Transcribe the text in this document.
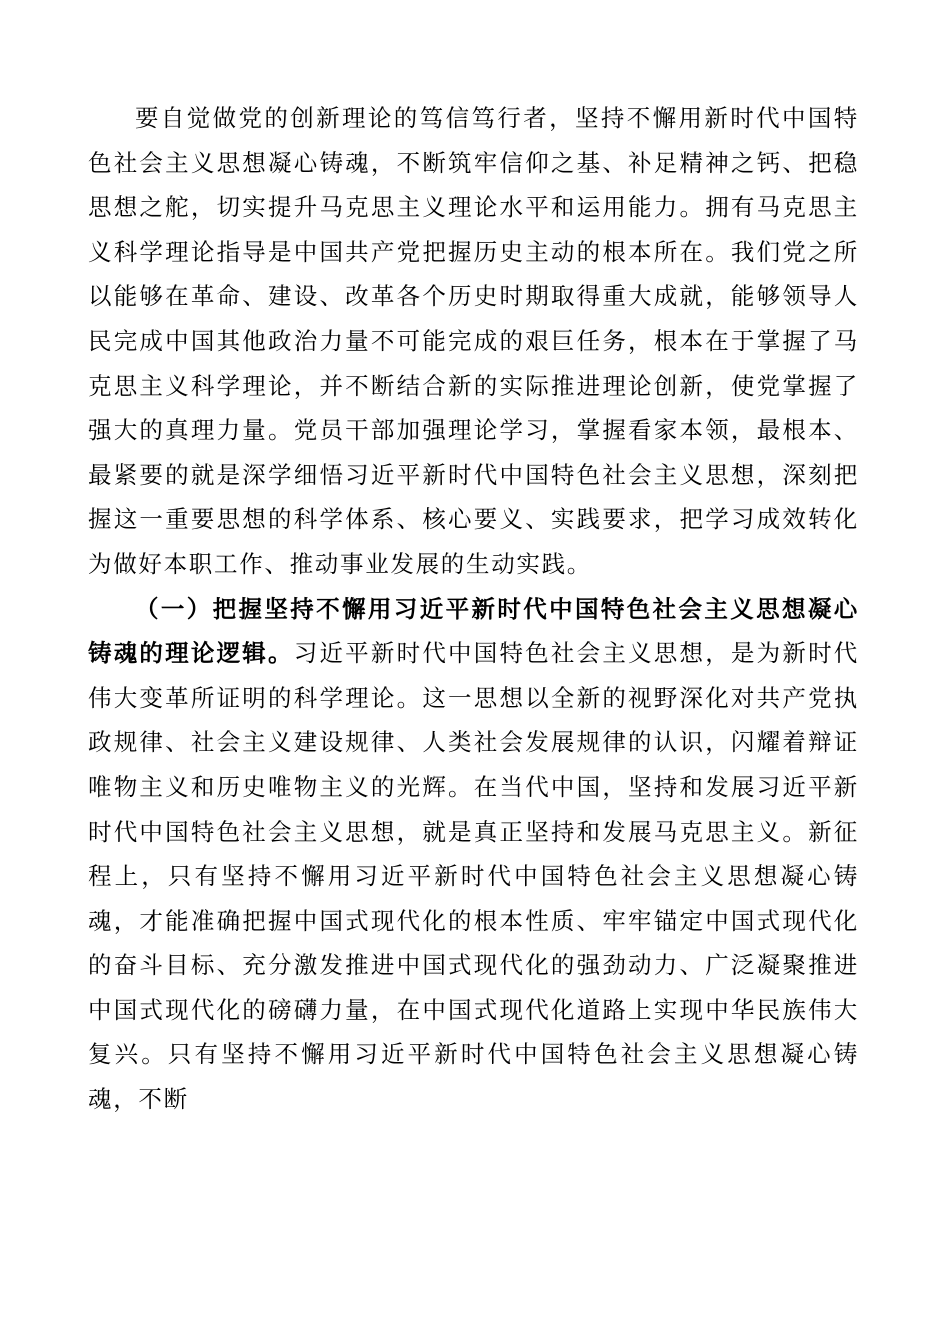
要自觉做党的创新理论的笃信笃行者，坚持不懈用新时代中国特色社会主义思想凝心铸魂，不断筑牢信仰之基、补足精神之钙、把稳思想之舵，切实提升马克思主义理论水平和运用能力。拥有马克思主义科学理论指导是中国共产党把握历史主动的根本所在。我们党之所以能够在革命、建设、改革各个历史时期取得重大成就，能够领导人民完成中国其他政治力量不可能完成的艰巨任务，根本在于掌握了马克思主义科学理论，并不断结合新的实际推进理论创新，使党掌握了强大的真理力量。党员干部加强理论学习，掌握看家本领，最根本、最紧要的就是深学细悟习近平新时代中国特色社会主义思想，深刻把握这一重要思想的科学体系、核心要义、实践要求，把学习成效转化为做好本职工作、推动事业发展的生动实践。

（一）把握坚持不懈用习近平新时代中国特色社会主义思想凝心铸魂的理论逻辑。习近平新时代中国特色社会主义思想，是为新时代伟大变革所证明的科学理论。这一思想以全新的视野深化对共产党执政规律、社会主义建设规律、人类社会发展规律的认识，闪耀着辩证唯物主义和历史唯物主义的光辉。在当代中国，坚持和发展习近平新时代中国特色社会主义思想，就是真正坚持和发展马克思主义。新征程上，只有坚持不懈用习近平新时代中国特色社会主义思想凝心铸魂，才能准确把握中国式现代化的根本性质、牢牢锚定中国式现代化的奋斗目标、充分激发推进中国式现代化的强劲动力、广泛凝聚推进中国式现代化的磅礴力量，在中国式现代化道路上实现中华民族伟大复兴。只有坚持不懈用习近平新时代中国特色社会主义思想凝心铸魂，不断
